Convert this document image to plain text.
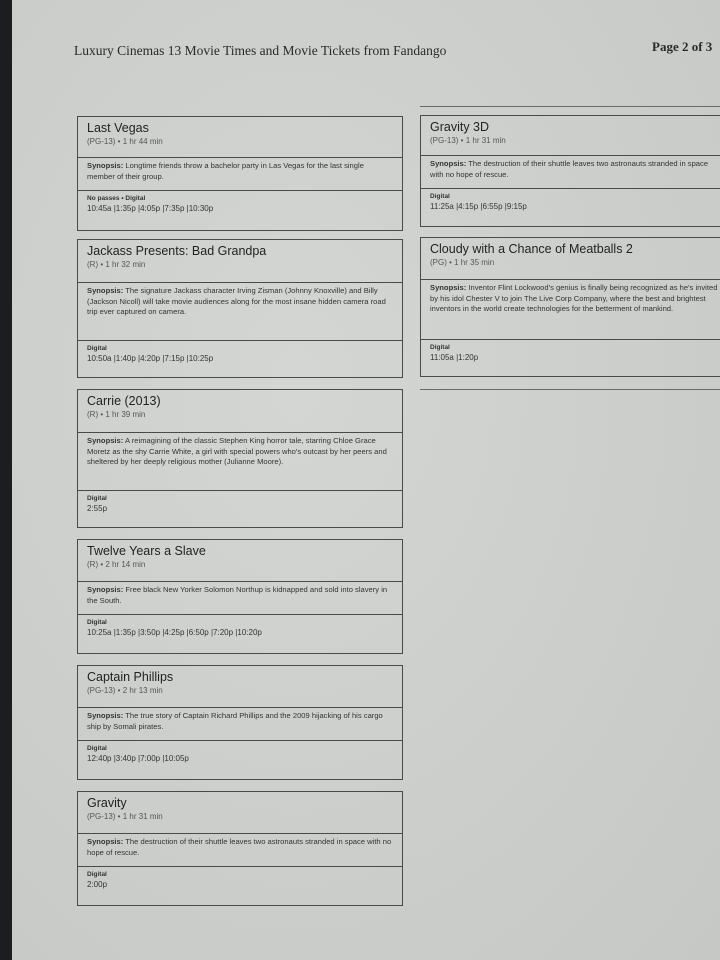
Luxury Cinemas 13 Movie Times and Movie Tickets from Fandango	Page 2 of 3
Last Vegas
(PG-13) • 1 hr 44 min
Synopsis: Longtime friends throw a bachelor party in Las Vegas for the last single member of their group.
No passes • Digital
10:45a |1:35p |4:05p |7:35p |10:30p
Jackass Presents: Bad Grandpa
(R) • 1 hr 32 min
Synopsis: The signature Jackass character Irving Zisman (Johnny Knoxville) and Billy (Jackson Nicoll) will take movie audiences along for the most insane hidden camera road trip ever captured on camera.
Digital
10:50a |1:40p |4:20p |7:15p |10:25p
Carrie (2013)
(R) • 1 hr 39 min
Synopsis: A reimagining of the classic Stephen King horror tale, starring Chloe Grace Moretz as the shy Carrie White, a girl with special powers who's outcast by her peers and sheltered by her deeply religious mother (Julianne Moore).
Digital
2:55p
Twelve Years a Slave
(R) • 2 hr 14 min
Synopsis: Free black New Yorker Solomon Northup is kidnapped and sold into slavery in the South.
Digital
10:25a |1:35p |3:50p |4:25p |6:50p |7:20p |10:20p
Captain Phillips
(PG-13) • 2 hr 13 min
Synopsis: The true story of Captain Richard Phillips and the 2009 hijacking of his cargo ship by Somali pirates.
Digital
12:40p |3:40p |7:00p |10:05p
Gravity
(PG-13) • 1 hr 31 min
Synopsis: The destruction of their shuttle leaves two astronauts stranded in space with no hope of rescue.
Digital
2:00p
Gravity 3D
(PG-13) • 1 hr 31 min
Synopsis: The destruction of their shuttle leaves two astronauts stranded in space with no hope of rescue.
Digital
11:25a |4:15p |6:55p |9:15p
Cloudy with a Chance of Meatballs 2
(PG) • 1 hr 35 min
Synopsis: Inventor Flint Lockwood's genius is finally being recognized as he's invited by his idol Chester V to join The Live Corp Company, where the best and brightest inventors in the world create technologies for the betterment of mankind.
Digital
11:05a |1:20p
